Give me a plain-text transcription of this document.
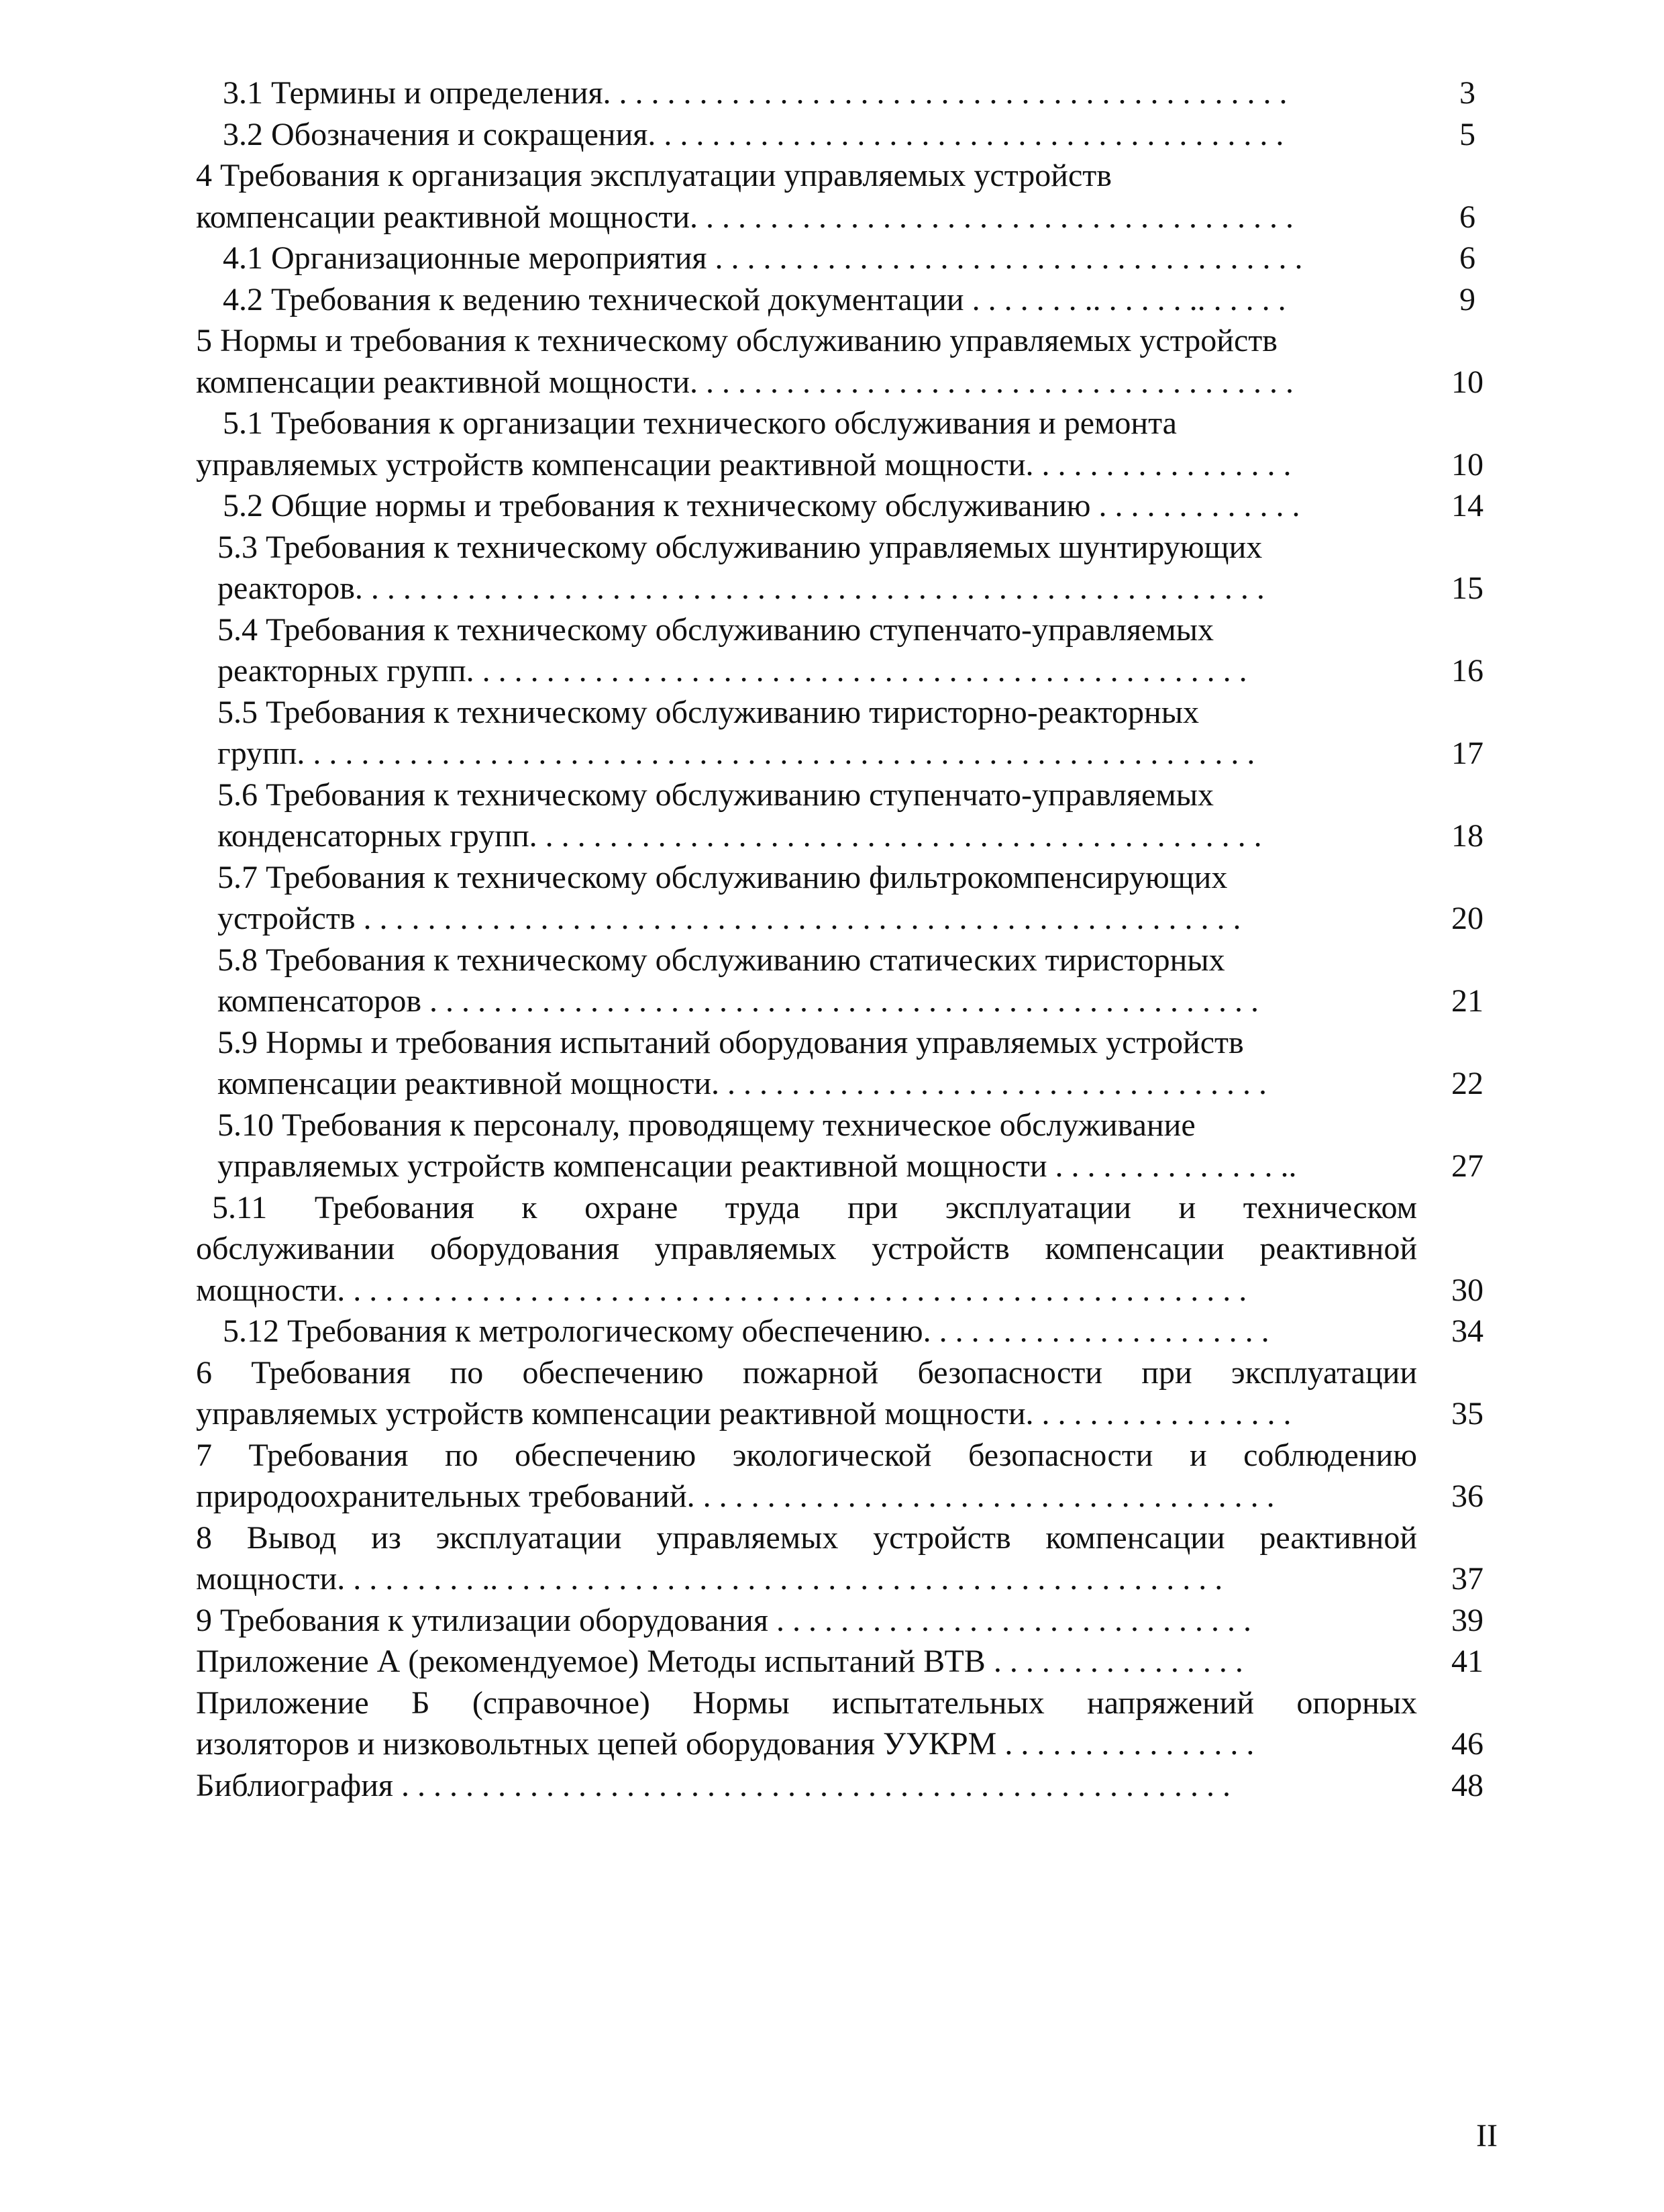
3.1 Термины и определения. . . . . . . . . . . . . . . . . . . . . . . . . . . . . . . . . . . . . . . . . . .	3
3.2 Обозначения и сокращения. . . . . . . . . . . . . . . . . . . . . . . . . . . . . . . . . . . . . . . .	5
4 Требования к организация эксплуатации управляемых устройств
компенсации реактивной мощности. . . . . . . . . . . . . . . . . . . . . . . . . . . . . . . . . . . . . .	6
4.1 Организационные мероприятия . . . . . . . . . . . . . . . . . . . . . . . . . . . . . . . . . . . . .	6
4.2 Требования к ведению технической документации . . . . . . . .. . . . . . .. . . . . .	9
5 Нормы и требования к техническому обслуживанию управляемых устройств
компенсации реактивной мощности. . . . . . . . . . . . . . . . . . . . . . . . . . . . . . . . . . . . . .	10
5.1 Требования к организации технического обслуживания и ремонта
управляемых устройств компенсации реактивной мощности. . . . . . . . . . . . . . . . .	10
5.2 Общие нормы и требования к техническому обслуживанию . . . . . . . . . . . . .	14
5.3 Требования к техническому обслуживанию управляемых шунтирующих
реакторов. . . . . . . . . . . . . . . . . . . . . . . . . . . . . . . . . . . . . . . . . . . . . . . . . . . . . . . . .	15
5.4 Требования к техническому обслуживанию ступенчато-управляемых
реакторных групп. . . . . . . . . . . . . . . . . . . . . . . . . . . . . . . . . . . . . . . . . . . . . . . . .	16
5.5 Требования к техническому обслуживанию тиристорно-реакторных
групп. . . . . . . . . . . . . . . . . . . . . . . . . . . . . . . . . . . . . . . . . . . . . . . . . . . . . . . . . . . .	17
5.6 Требования к техническому обслуживанию ступенчато-управляемых
конденсаторных групп. . . . . . . . . . . . . . . . . . . . . . . . . . . . . . . . . . . . . . . . . . . . . .	18
5.7 Требования к техническому обслуживанию фильтрокомпенсирующих
устройств . . . . . . . . . . . . . . . . . . . . . . . . . . . . . . . . . . . . . . . . . . . . . . . . . . . . . . .	20
5.8 Требования к техническому обслуживанию статических тиристорных
компенсаторов . . . . . . . . . . . . . . . . . . . . . . . . . . . . . . . . . . . . . . . . . . . . . . . . . . . .	21
5.9 Нормы и требования испытаний оборудования управляемых устройств
компенсации реактивной мощности. . . . . . . . . . . . . . . . . . . . . . . . . . . . . . . . . . .	22
5.10 Требования к персоналу, проводящему техническое обслуживание
управляемых устройств компенсации реактивной мощности . . . . . . . . . . . . . . ..	27
5.11 Требования к охране труда при эксплуатации и техническом
обслуживании оборудования управляемых устройств компенсации реактивной
мощности. . . . . . . . . . . . . . . . . . . . . . . . . . . . . . . . . . . . . . . . . . . . . . . . . . . . . . . . .	30
5.12 Требования к метрологическому обеспечению. . . . . . . . . . . . . . . . . . . . . .	34
6 Требования по обеспечению пожарной безопасности при эксплуатации
управляемых устройств компенсации реактивной мощности. . . . . . . . . . . . . . . . .	35
7 Требования по обеспечению экологической безопасности и соблюдению
природоохранительных требований. . . . . . . . . . . . . . . . . . . . . . . . . . . . . . . . . . . . .	36
8 Вывод из эксплуатации управляемых устройств компенсации реактивной
мощности. . . . . . . . . .. . . . . . . . . . . . . . . . . . . . . . . . . . . . . . . . . . . . . . . . . . . . . .	37
9 Требования к утилизации оборудования . . . . . . . . . . . . . . . . . . . . . . . . . . . . . .	39
Приложение А (рекомендуемое) Методы испытаний ВТВ . . . . . . . . . . . . . . . .	41
Приложение Б (справочное) Нормы испытательных напряжений опорных
изоляторов и низковольтных цепей оборудования УУКРМ . . . . . . . . . . . . . . . .	46
Библиография . . . . . . . . . . . . . . . . . . . . . . . . . . . . . . . . . . . . . . . . . . . . . . . . . . . .	48
II
